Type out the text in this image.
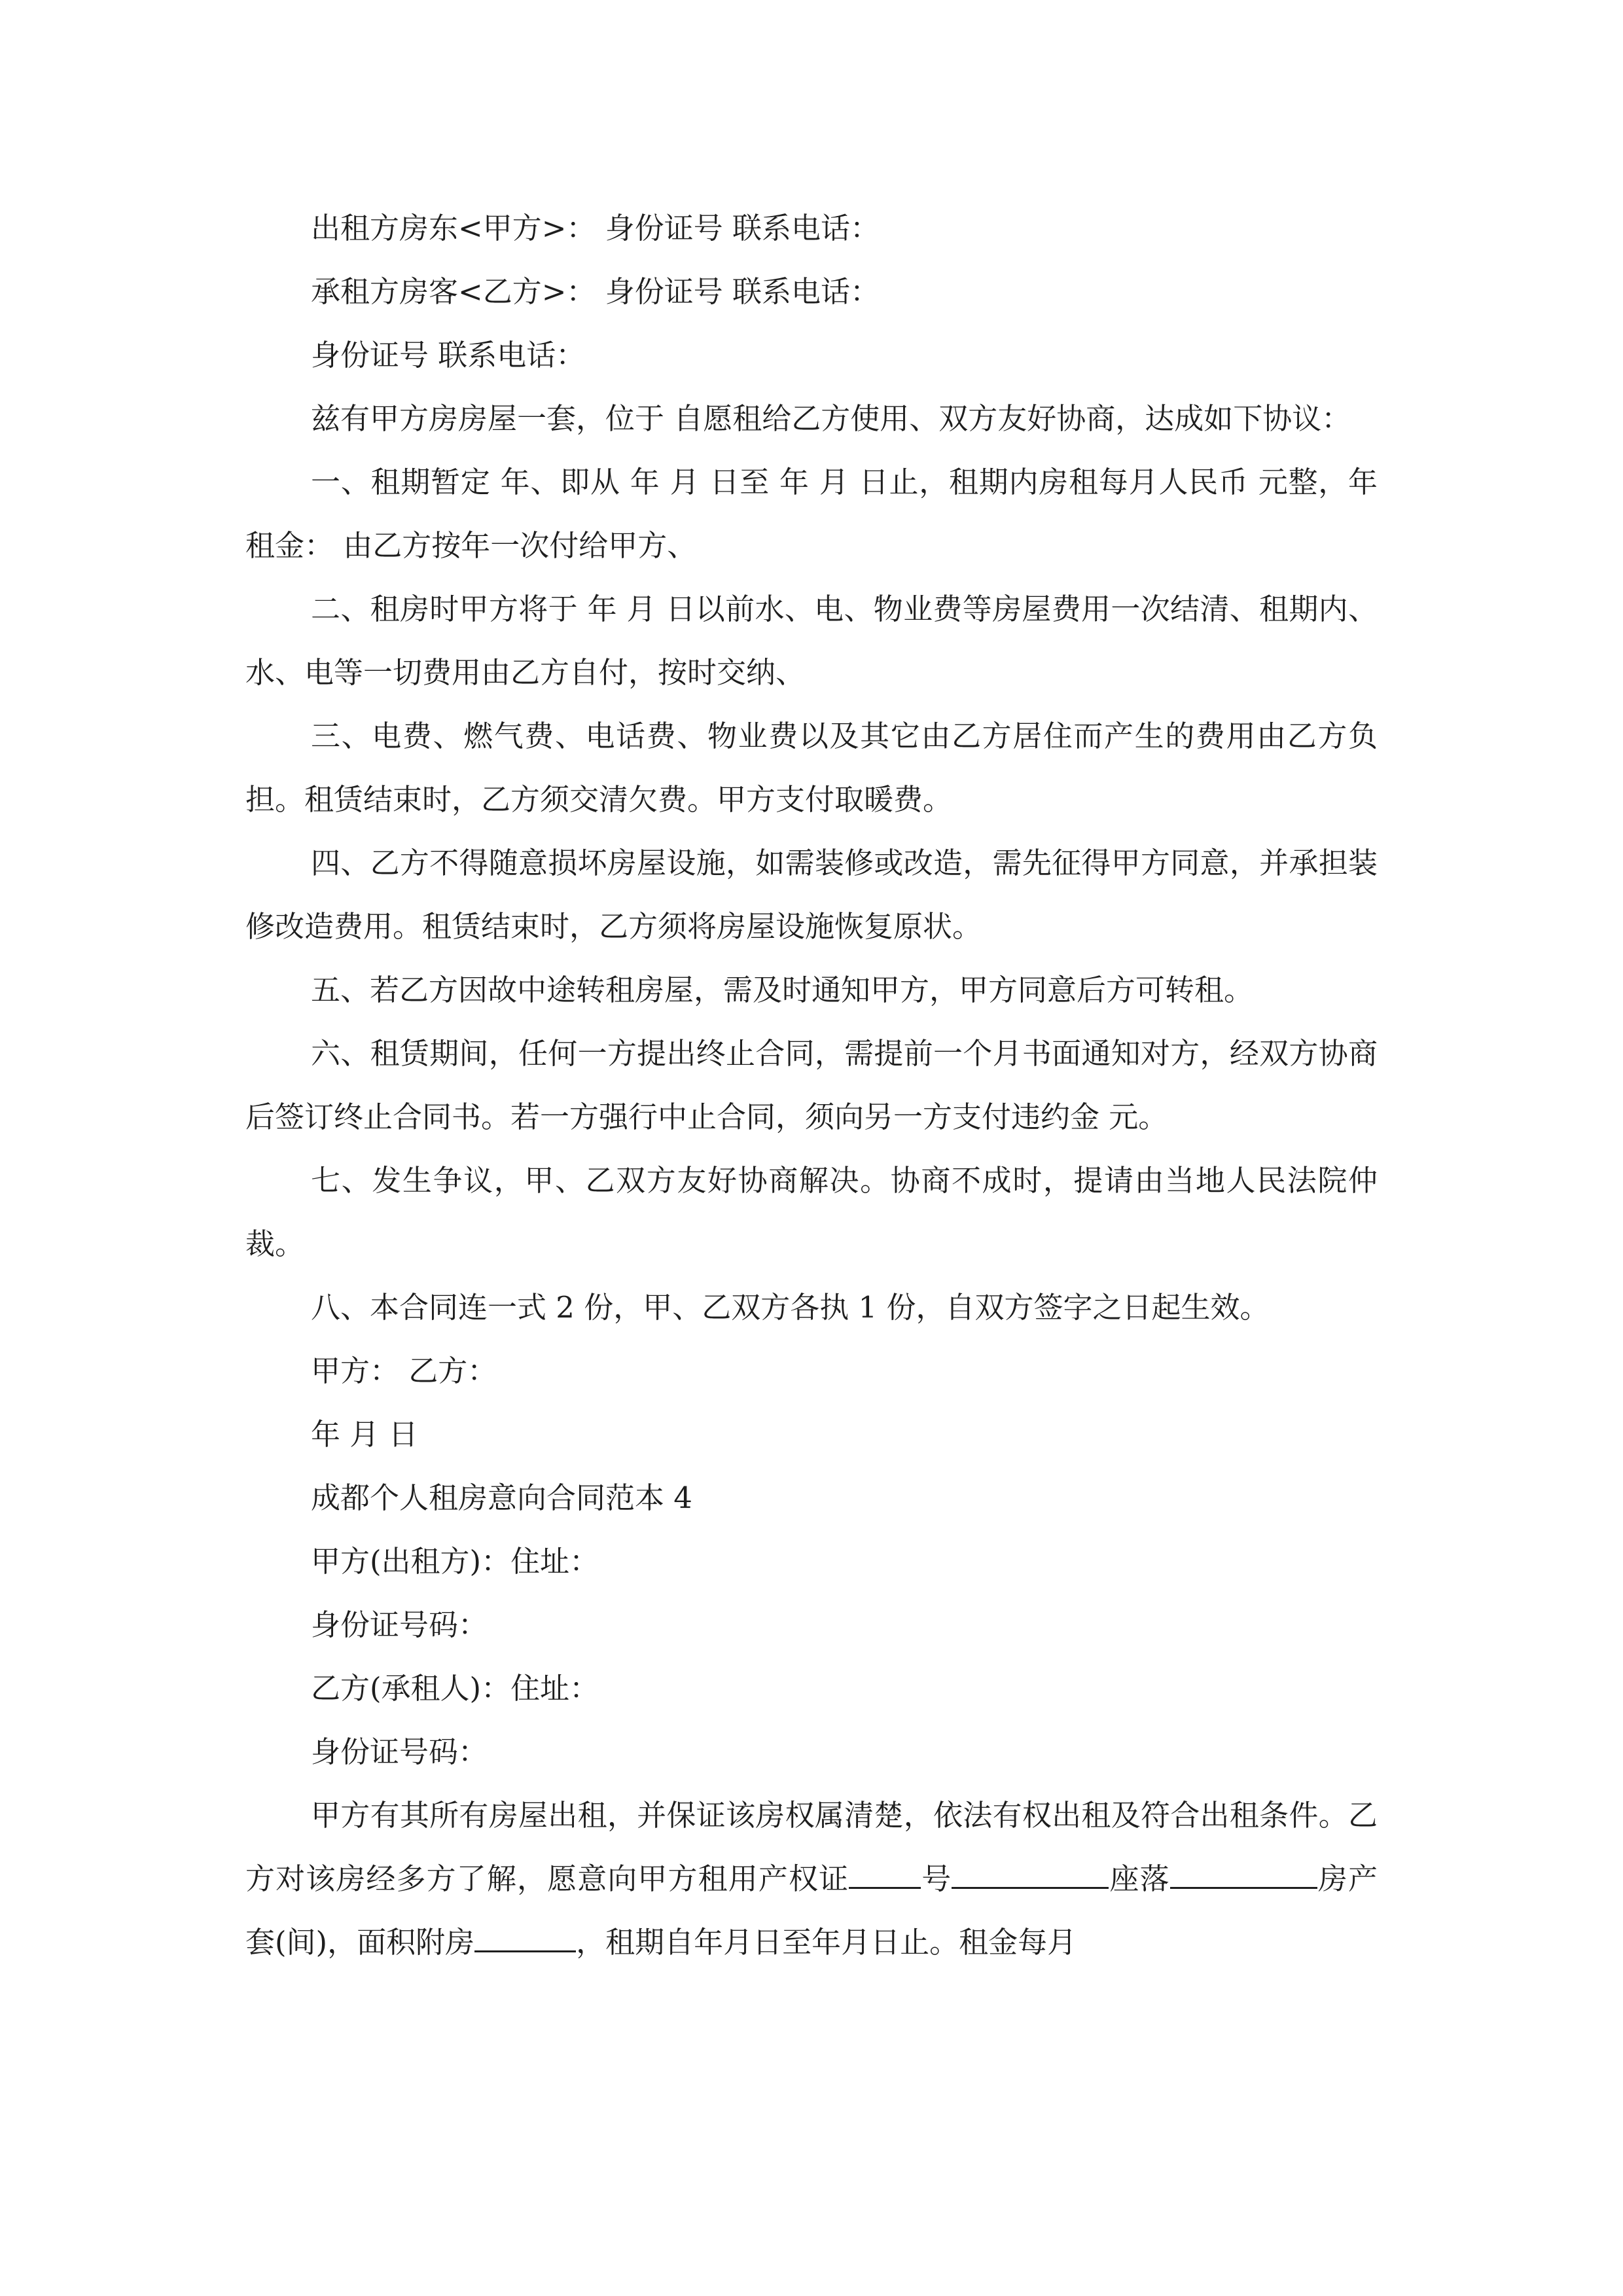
出租方房东<甲方>： 身份证号 联系电话：

承租方房客<乙方>： 身份证号 联系电话：

身份证号 联系电话：

兹有甲方房房屋一套，位于 自愿租给乙方使用、双方友好协商，达成如下协议：

一、租期暂定 年、即从 年 月 日至 年 月 日止，租期内房租每月人民币 元整，年租金： 由乙方按年一次付给甲方、

二、租房时甲方将于 年 月 日以前水、电、物业费等房屋费用一次结清、租期内、水、电等一切费用由乙方自付，按时交纳、

三、电费、燃气费、电话费、物业费以及其它由乙方居住而产生的费用由乙方负担。租赁结束时，乙方须交清欠费。甲方支付取暖费。

四、乙方不得随意损坏房屋设施，如需装修或改造，需先征得甲方同意，并承担装修改造费用。租赁结束时，乙方须将房屋设施恢复原状。

五、若乙方因故中途转租房屋，需及时通知甲方，甲方同意后方可转租。

六、租赁期间，任何一方提出终止合同，需提前一个月书面通知对方，经双方协商后签订终止合同书。若一方强行中止合同，须向另一方支付违约金 元。

七、发生争议，甲、乙双方友好协商解决。协商不成时，提请由当地人民法院仲裁。

八、本合同连一式 2 份，甲、乙双方各执 1 份，自双方签字之日起生效。

甲方： 乙方：

年 月 日

成都个人租房意向合同范本 4

甲方(出租方)：住址：

身份证号码：

乙方(承租人)：住址：

身份证号码：

甲方有其所有房屋出租，并保证该房权属清楚，依法有权出租及符合出租条件。乙方对该房经多方了解，愿意向甲方租用产权证 号	座落	房产套(间)，面积附房	，租期自年月日至年月日止。租金每月
